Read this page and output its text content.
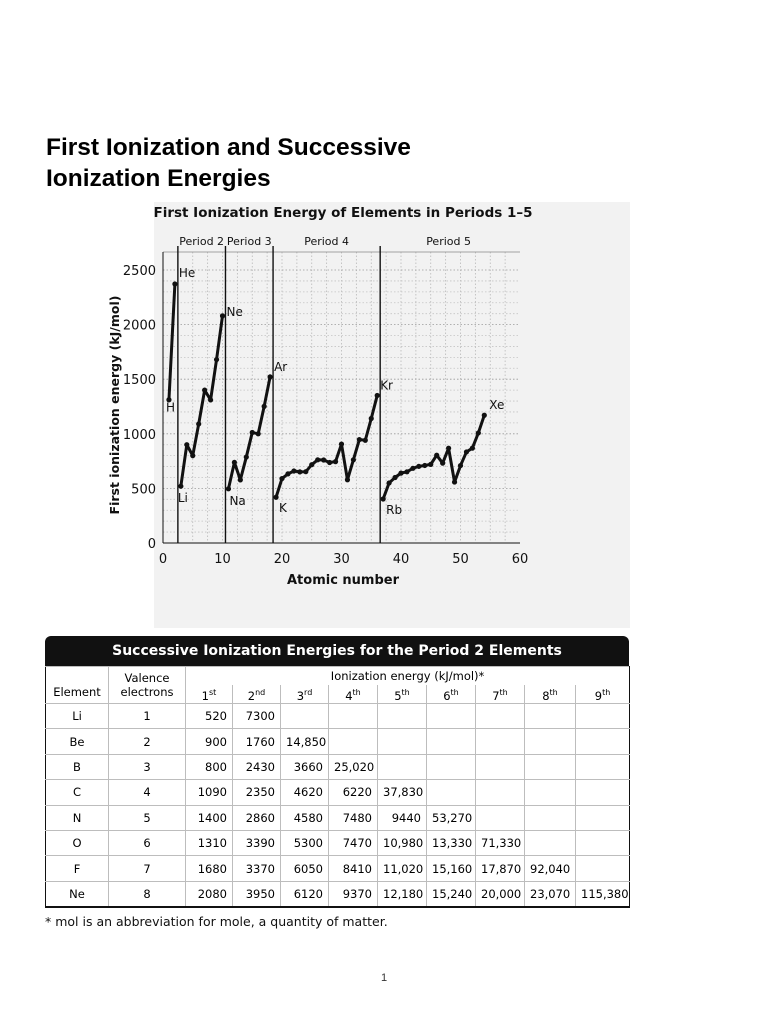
First Ionization and Successive
Ionization Energies
Period 2 Period 3	Period 4	Period 5
First Ionization Energy of Elements in Periods 1–5
0
500
1000
1500
2000
2500
0	10	20	30	40	50	60
Atomic number
First ionization energy (kJ/mol)	H
He
Li
Ne
Na
Ar
K
Kr
Rb
Xe
Successive Ionization Energies for the Period 2 Elements
Element	Valence
electrons	Ionization energy (kJ/mol)*								
		1st	2nd	3rd	4th	5th	6th	7th	8th	9th
Li	1	520	7300							
Be	2	900	1760	14,850						
B	3	800	2430	3660	25,020					
C	4	1090	2350	4620	6220	37,830				
N	5	1400	2860	4580	7480	9440	53,270			
O	6	1310	3390	5300	7470	10,980	13,330	71,330		
F	7	1680	3370	6050	8410	11,020	15,160	17,870	92,040	
Ne	8	2080	3950	6120	9370	12,180	15,240	20,000	23,070	115,380
* mol is an abbreviation for mole, a quantity of matter.
1
